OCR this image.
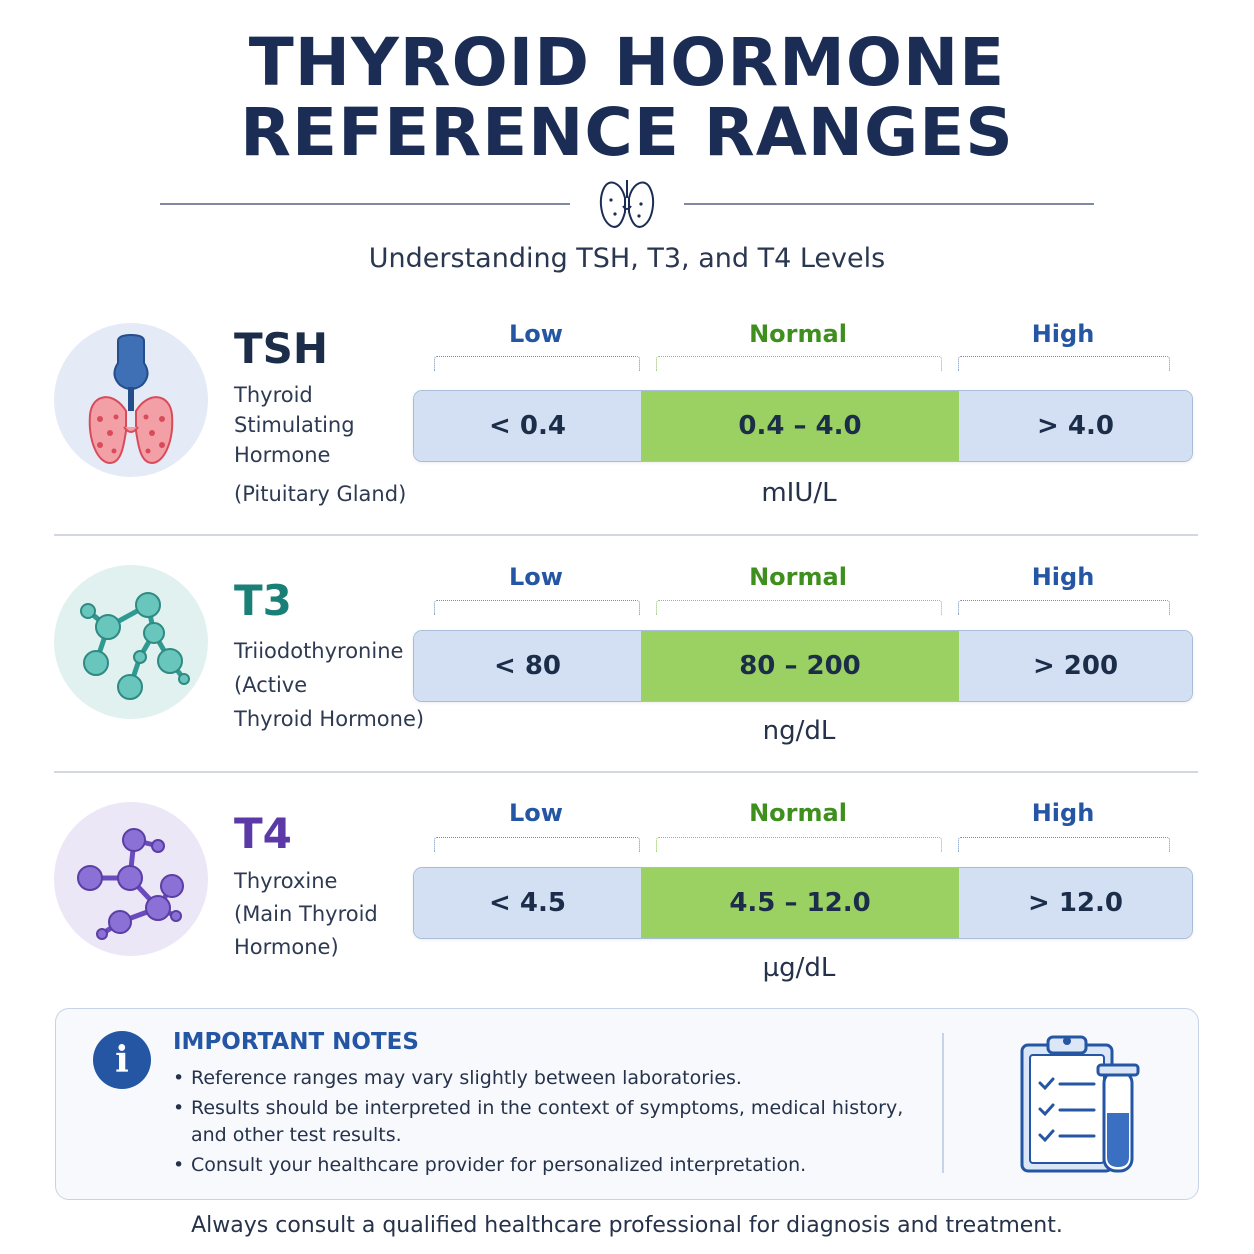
THYROID HORMONE
REFERENCE RANGES
Understanding TSH, T3, and T4 Levels
TSH
Thyroid
Stimulating
Hormone
(Pituitary Gland)
Low	Normal	High
< 0.4	0.4 – 4.0	> 4.0
mIU/L
T3
Triiodothyronine
(Active
Thyroid Hormone)
Low	Normal	High
< 80	80 – 200	> 200
ng/dL
T4
Thyroxine
(Main Thyroid
Hormone)
Low	Normal	High
< 4.5	4.5 – 12.0	> 12.0
µg/dL
i	IMPORTANT NOTES
• Reference ranges may vary slightly between laboratories.
• Results should be interpreted in the context of symptoms, medical history, and other test results.
• Consult your healthcare provider for personalized interpretation.
Always consult a qualified healthcare professional for diagnosis and treatment.
